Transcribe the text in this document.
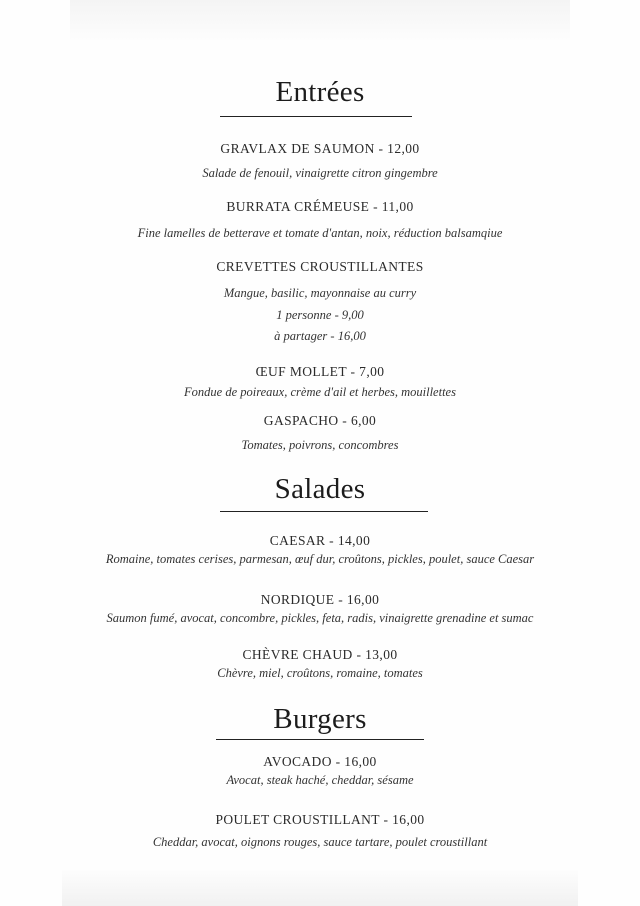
Entrées
GRAVLAX DE SAUMON - 12,00
Salade de fenouil, vinaigrette citron gingembre
BURRATA CRÉMEUSE - 11,00
Fine lamelles de betterave et tomate d'antan, noix, réduction balsamqiue
CREVETTES CROUSTILLANTES
Mangue, basilic, mayonnaise au curry
1 personne - 9,00
à partager - 16,00
ŒUF MOLLET - 7,00
Fondue de poireaux, crème d'ail et herbes, mouillettes
GASPACHO - 6,00
Tomates, poivrons, concombres
Salades
CAESAR - 14,00
Romaine, tomates cerises, parmesan, œuf dur, croûtons, pickles, poulet, sauce Caesar
NORDIQUE - 16,00
Saumon fumé, avocat, concombre, pickles, feta, radis, vinaigrette grenadine et sumac
CHÈVRE CHAUD - 13,00
Chèvre, miel, croûtons, romaine, tomates
Burgers
AVOCADO - 16,00
Avocat, steak haché, cheddar, sésame
POULET CROUSTILLANT - 16,00
Cheddar, avocat, oignons rouges, sauce tartare, poulet croustillant
